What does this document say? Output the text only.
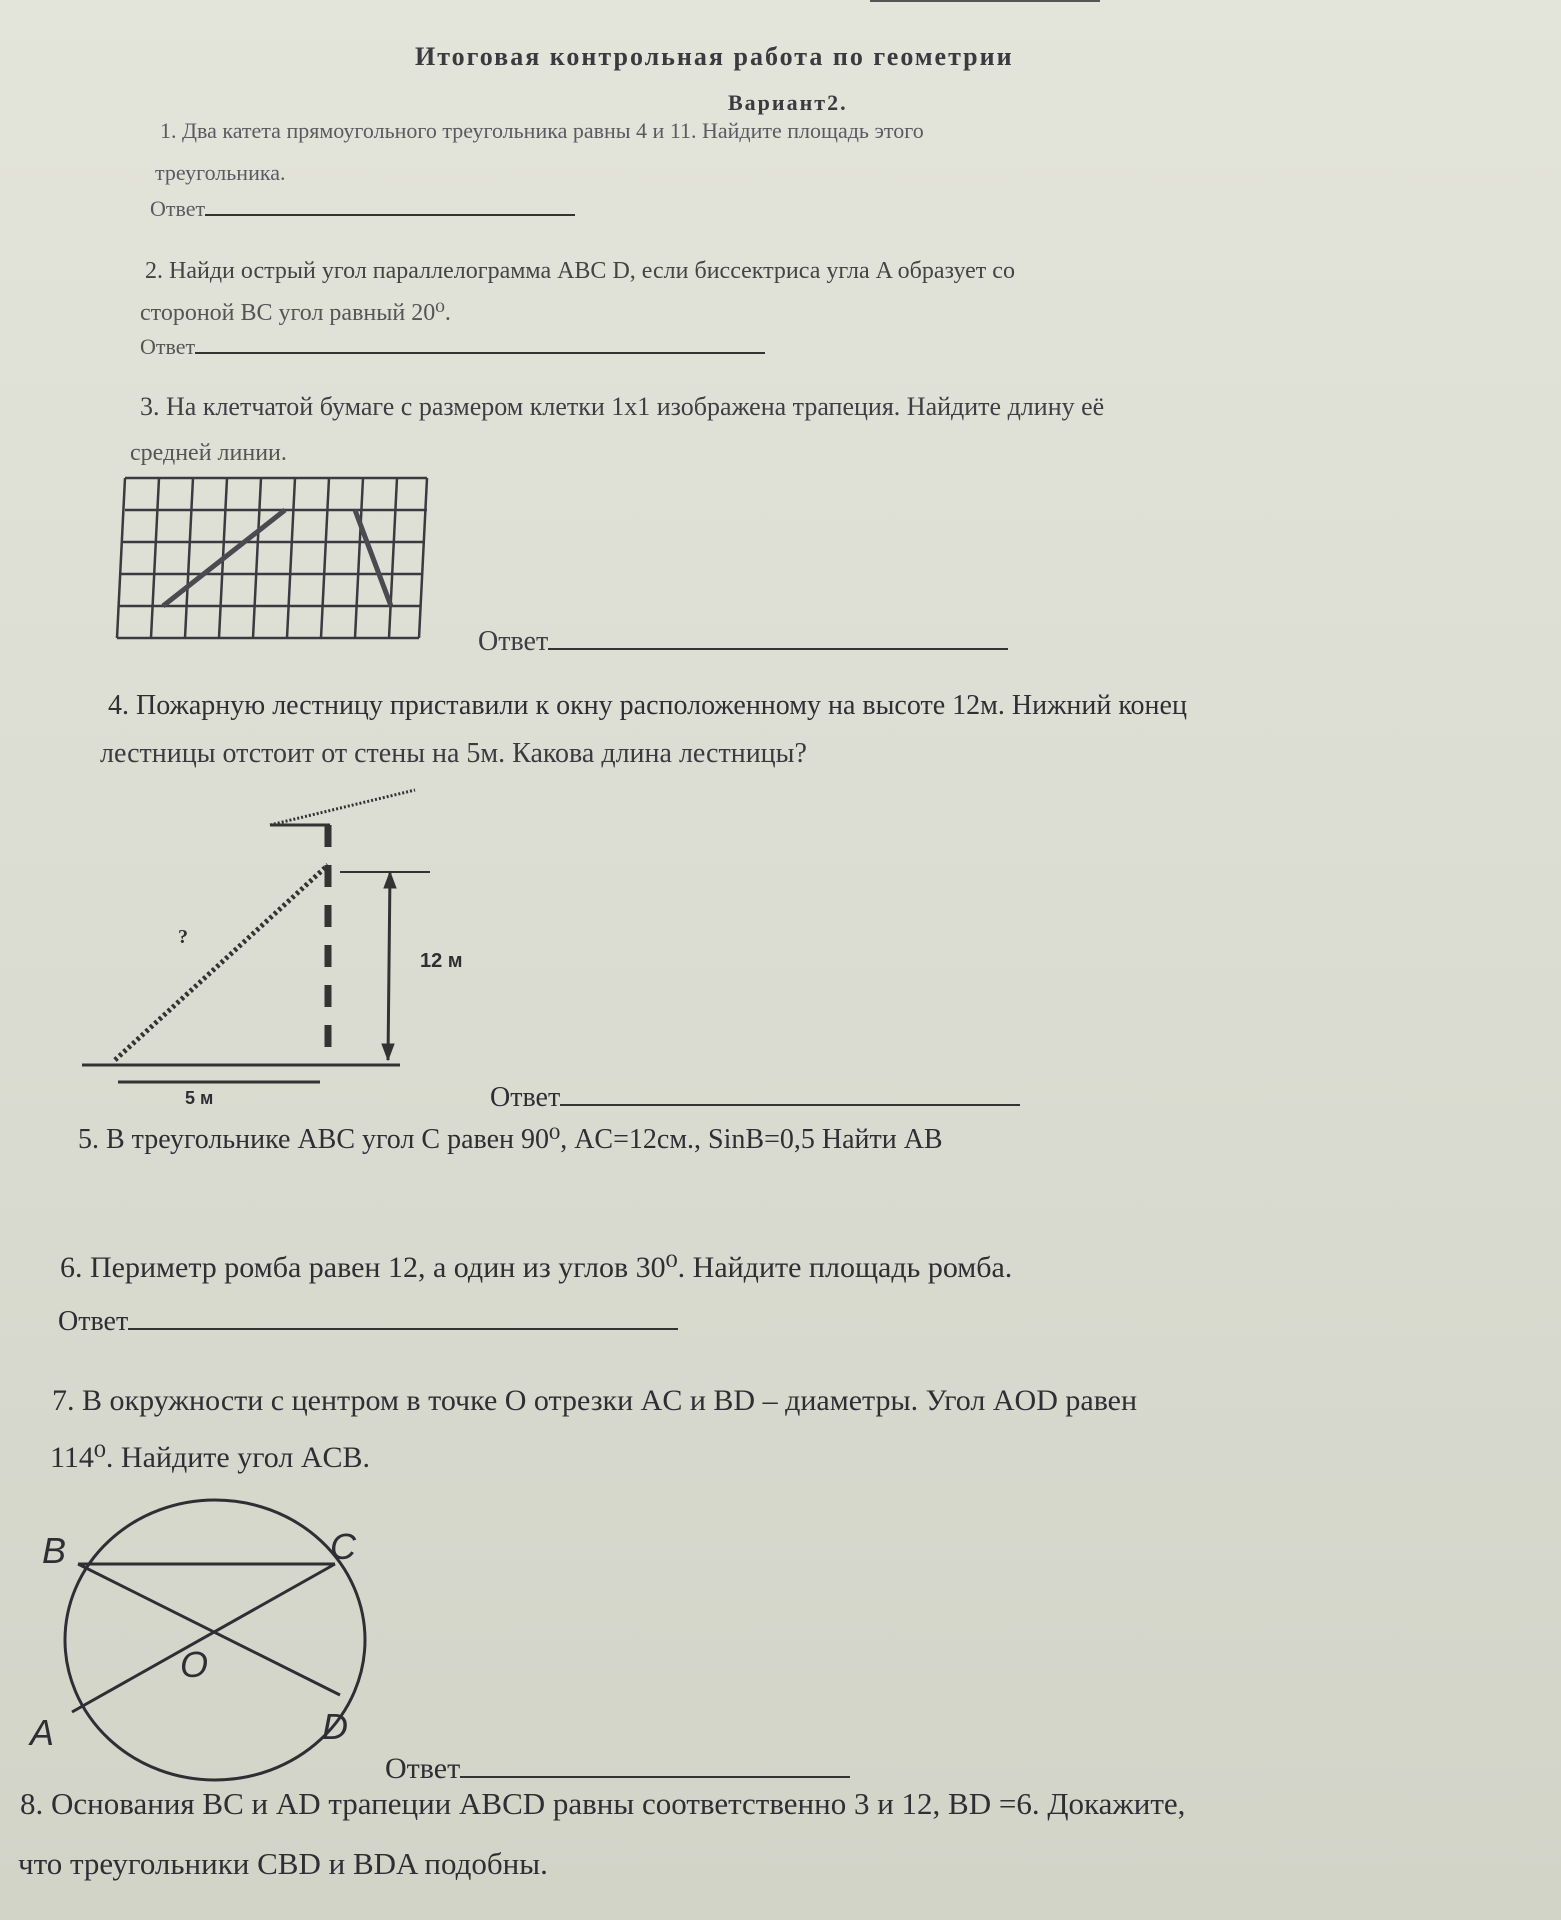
Итоговая контрольная работа по геометрии
Вариант2.
1. Два катета прямоугольного треугольника равны 4 и 11. Найдите площадь этого
треугольника.
Ответ
2. Найди острый угол параллелограмма ABC D, если биссектриса угла A образует со
стороной BC угол равный 20⁰.
Ответ
3. На клетчатой бумаге с размером клетки 1x1 изображена трапеция. Найдите длину её
средней линии.
Ответ
4. Пожарную лестницу приставили к окну расположенному на высоте 12м. Нижний конец
лестницы отстоит от стены на 5м. Какова длина лестницы?
?
12 м
5 м	Ответ
5. В треугольнике ABC угол C равен 90⁰, AC=12см., SinB=0,5 Найти AB
6. Периметр ромба равен 12, а один из углов 30⁰. Найдите площадь ромба.
Ответ
7. В окружности с центром в точке O отрезки AC и BD – диаметры. Угол AOD равен
114⁰. Найдите угол ACB.
B	C
O
A	D
Ответ
8. Основания BC и AD трапеции ABCD равны соответственно 3 и 12, BD =6. Докажите,
что треугольники CBD и BDA подобны.
